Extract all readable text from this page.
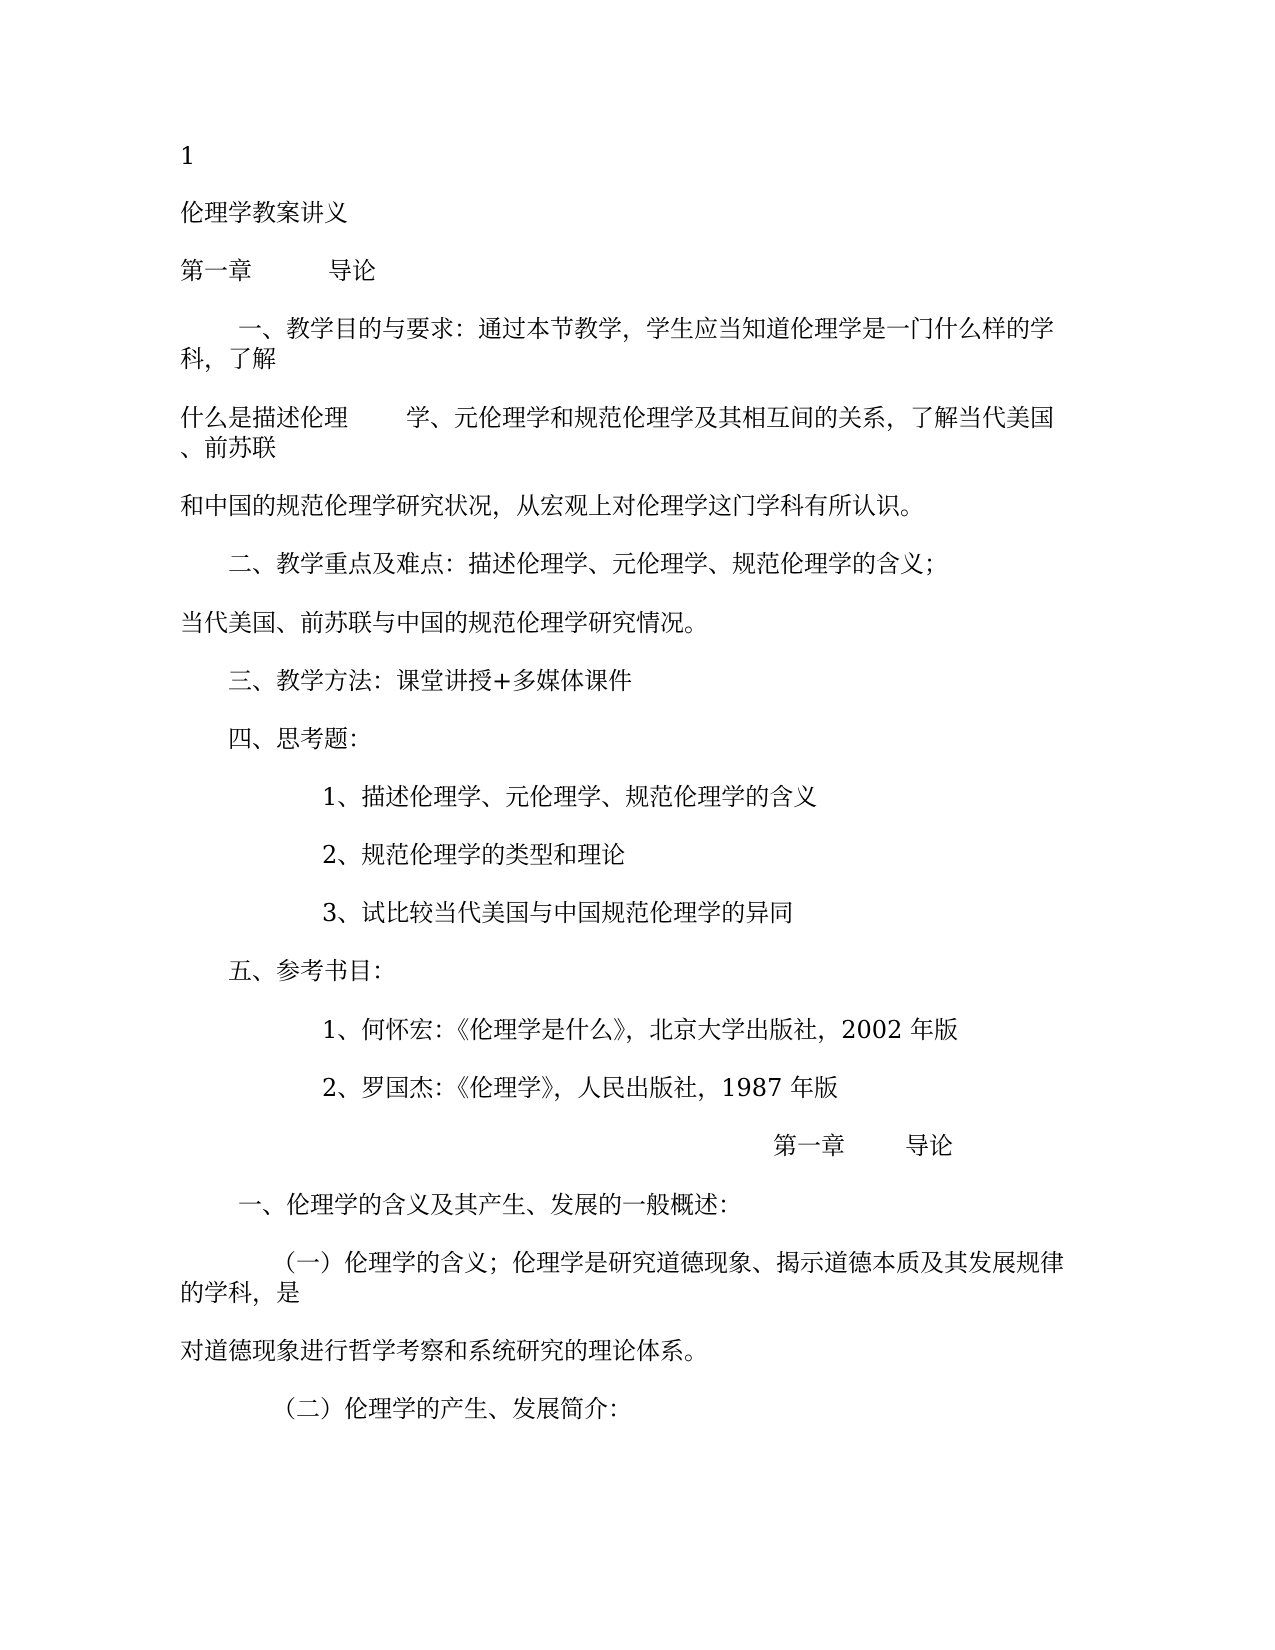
1
伦理学教案讲义
第一章	导论
一、教学目的与要求：通过本节教学，学生应当知道伦理学是一门什么样的学
科，了解
什么是描述伦理 学、元伦理学和规范伦理学及其相互间的关系，了解当代美国
、前苏联
和中国的规范伦理学研究状况，从宏观上对伦理学这门学科有所认识。
二、教学重点及难点：描述伦理学、元伦理学、规范伦理学的含义；
当代美国、前苏联与中国的规范伦理学研究情况。
三、教学方法：课堂讲授+多媒体课件
四、思考题：
1、描述伦理学、元伦理学、规范伦理学的含义
2、规范伦理学的类型和理论
3、试比较当代美国与中国规范伦理学的异同
五、参考书目：
1、何怀宏：《伦理学是什么》，北京大学出版社，2002 年版
2、罗国杰：《伦理学》，人民出版社，1987 年版
第一章	导论
一、伦理学的含义及其产生、发展的一般概述：
（一）伦理学的含义；伦理学是研究道德现象、揭示道德本质及其发展规律
的学科，是
对道德现象进行哲学考察和系统研究的理论体系。
（二）伦理学的产生、发展简介：
